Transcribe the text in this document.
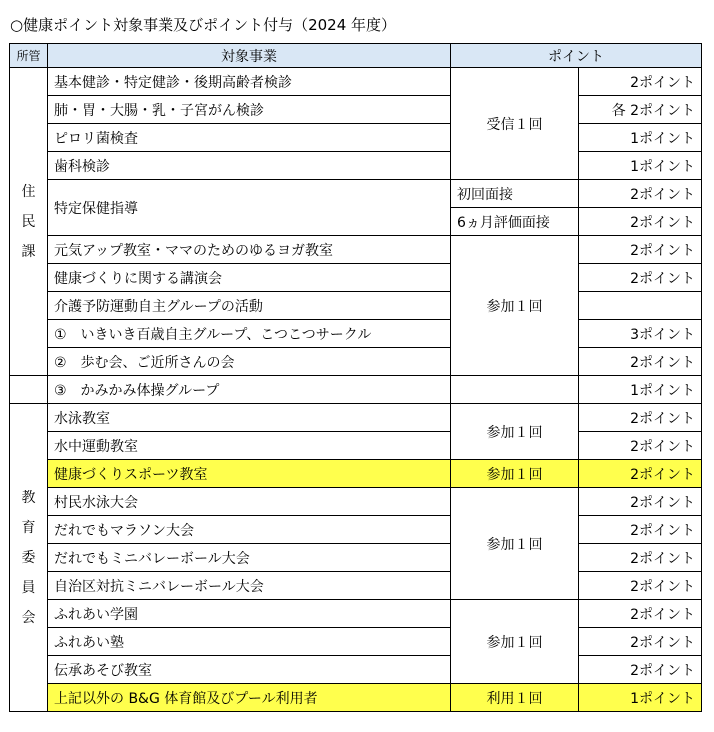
○健康ポイント対象事業及びポイント付与（2024 年度）
所管	対象事業	ポイント	

住
民
課	基本健診・特定健診・後期高齢者検診	受信１回	2ポイント
	肺・胃・大腸・乳・子宮がん検診		各 2ポイント
	ピロリ菌検査		1ポイント
	歯科検診		1ポイント
	特定保健指導	初回面接	2ポイント
		6ヵ月評価面接	2ポイント
	元気アップ教室・ママのためのゆるヨガ教室	参加１回	2ポイント
	健康づくりに関する講演会		2ポイント
	介護予防運動自主グループの活動		
	①　いきいき百歳自主グループ、こつこつサークル		3ポイント
	②　歩む会、ご近所さんの会		2ポイント
	③　かみかみ体操グループ		1ポイント

教
育
委
員
会	水泳教室	参加１回	2ポイント
	水中運動教室		2ポイント
	健康づくりスポーツ教室	参加１回	2ポイント
	村民水泳大会	参加１回	2ポイント
	だれでもマラソン大会		2ポイント
	だれでもミニバレーボール大会		2ポイント
	自治区対抗ミニバレーボール大会		2ポイント
	ふれあい学園	参加１回	2ポイント
	ふれあい塾		2ポイント
	伝承あそび教室		2ポイント
	上記以外の B&G 体育館及びプール利用者	利用１回	1ポイント
